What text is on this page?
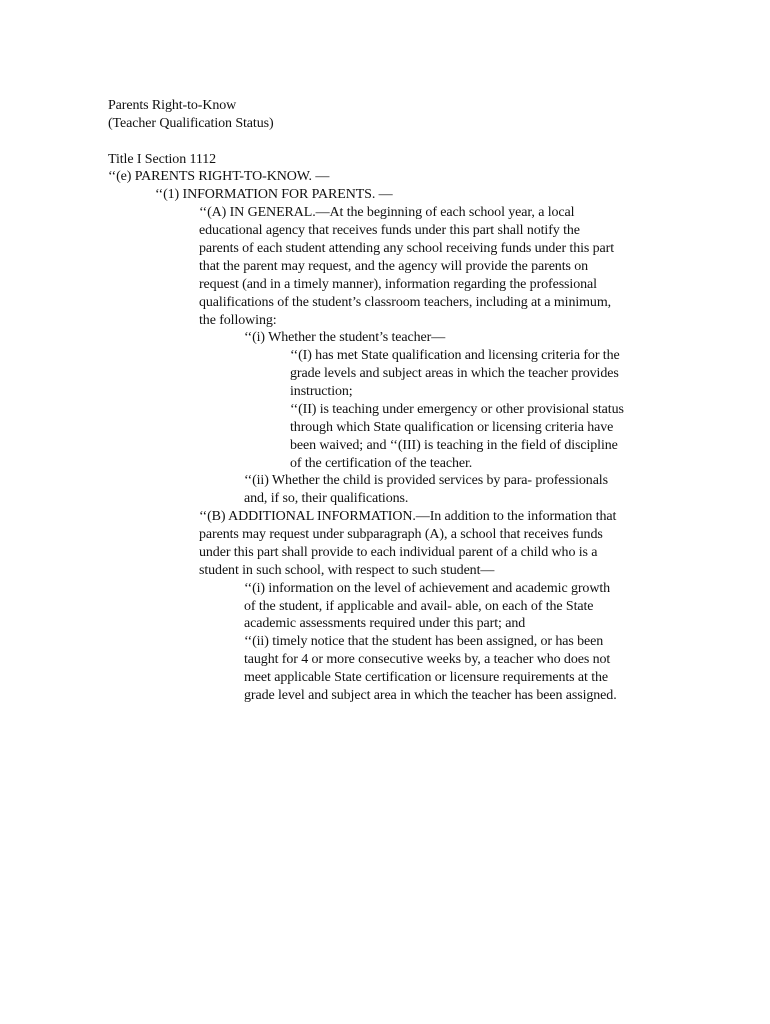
Parents Right-to-Know
(Teacher Qualification Status)
Title I Section 1112
‘‘(e) PARENTS RIGHT-TO-KNOW. —
‘‘(1) INFORMATION FOR PARENTS. —
‘‘(A) IN GENERAL.—At the beginning of each school year, a local
educational agency that receives funds under this part shall notify the
parents of each student attending any school receiving funds under this part
that the parent may request, and the agency will provide the parents on
request (and in a timely manner), information regarding the professional
qualifications of the student’s classroom teachers, including at a minimum,
the following:
‘‘(i) Whether the student’s teacher—
‘‘(I) has met State qualification and licensing criteria for the
grade levels and subject areas in which the teacher provides
instruction;
‘‘(II) is teaching under emergency or other provisional status
through which State qualification or licensing criteria have
been waived; and ‘‘(III) is teaching in the field of discipline
of the certification of the teacher.
‘‘(ii) Whether the child is provided services by para- professionals
and, if so, their qualifications.
‘‘(B) ADDITIONAL INFORMATION.—In addition to the information that
parents may request under subparagraph (A), a school that receives funds
under this part shall provide to each individual parent of a child who is a
student in such school, with respect to such student—
‘‘(i) information on the level of achievement and academic growth
of the student, if applicable and avail- able, on each of the State
academic assessments required under this part; and
‘‘(ii) timely notice that the student has been assigned, or has been
taught for 4 or more consecutive weeks by, a teacher who does not
meet applicable State certification or licensure requirements at the
grade level and subject area in which the teacher has been assigned.
